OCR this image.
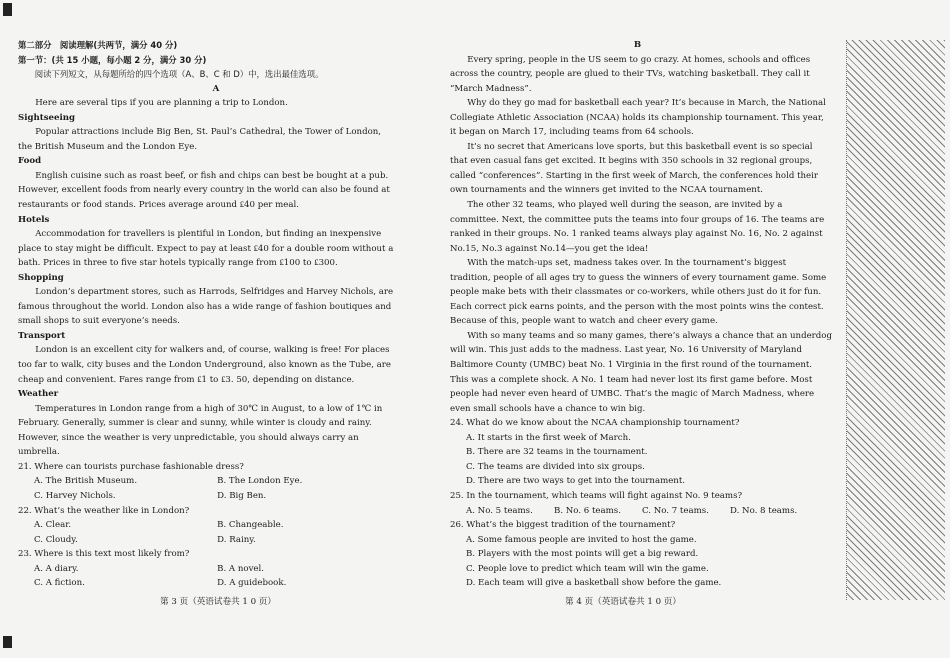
第二部分　阅读理解(共两节，满分 40 分)

第一节：(共 15 小题，每小题 2 分，满分 30 分)

阅读下列短文，从每题所给的四个选项（A、B、C 和 D）中，选出最佳选项。

A

Here are several tips if you are planning a trip to London.

Sightseeing

Popular attractions include Big Ben, St. Paul’s Cathedral, the Tower of London,

the British Museum and the London Eye.

Food

English cuisine such as roast beef, or fish and chips can best be bought at a pub.

However, excellent foods from nearly every country in the world can also be found at

restaurants or food stands. Prices average around ₤40 per meal.

Hotels

Accommodation for travellers is plentiful in London, but finding an inexpensive

place to stay might be difficult. Expect to pay at least ₤40 for a double room without a

bath. Prices in three to five star hotels typically range from ₤100 to ₤300.

Shopping

London’s department stores, such as Harrods, Selfridges and Harvey Nichols, are

famous throughout the world. London also has a wide range of fashion boutiques and

small shops to suit everyone’s needs.

Transport

London is an excellent city for walkers and, of course, walking is free! For places

too far to walk, city buses and the London Underground, also known as the Tube, are

cheap and convenient. Fares range from ₤1 to ₤3. 50, depending on distance.

Weather

Temperatures in London range from a high of 30℃ in August, to a low of 1℃ in

February. Generally, summer is clear and sunny, while winter is cloudy and rainy.

However, since the weather is very unpredictable, you should always carry an

umbrella.

21. Where can tourists purchase fashionable dress?

A. The British Museum.	B. The London Eye.
C. Harvey Nichols.	D. Big Ben.

22. What’s the weather like in London?

A. Clear.	B. Changeable.
C. Cloudy.	D. Rainy.

23. Where is this text most likely from?

A. A diary.	B. A novel.
C. A fiction.	D. A guidebook.

B

Every spring, people in the US seem to go crazy. At homes, schools and offices

across the country, people are glued to their TVs, watching basketball. They call it

“March Madness”.

Why do they go mad for basketball each year? It’s because in March, the National

Collegiate Athletic Association (NCAA) holds its championship tournament. This year,

it began on March 17, including teams from 64 schools.

It’s no secret that Americans love sports, but this basketball event is so special

that even casual fans get excited. It begins with 350 schools in 32 regional groups,

called “conferences”. Starting in the first week of March, the conferences hold their

own tournaments and the winners get invited to the NCAA tournament.

The other 32 teams, who played well during the season, are invited by a

committee. Next, the committee puts the teams into four groups of 16. The teams are

ranked in their groups. No. 1 ranked teams always play against No. 16, No. 2 against

No.15, No.3 against No.14—you get the idea!

With the match-ups set, madness takes over. In the tournament’s biggest

tradition, people of all ages try to guess the winners of every tournament game. Some

people make bets with their classmates or co-workers, while others just do it for fun.

Each correct pick earns points, and the person with the most points wins the contest.

Because of this, people want to watch and cheer every game.

With so many teams and so many games, there’s always a chance that an underdog

will win. This just adds to the madness. Last year, No. 16 University of Maryland

Baltimore County (UMBC) beat No. 1 Virginia in the first round of the tournament.

This was a complete shock. A No. 1 team had never lost its first game before. Most

people had never even heard of UMBC. That’s the magic of March Madness, where

even small schools have a chance to win big.

24. What do we know about the NCAA championship tournament?

A. It starts in the first week of March.

B. There are 32 teams in the tournament.

C. The teams are divided into six groups.

D. There are two ways to get into the tournament.

25. In the tournament, which teams will fight against No. 9 teams?

A. No. 5 teams.	B. No. 6 teams.	C. No. 7 teams.	D. No. 8 teams.

26. What’s the biggest tradition of the tournament?

A. Some famous people are invited to host the game.

B. Players with the most points will get a big reward.

C. People love to predict which team will win the game.

D. Each team will give a basketball show before the game.

第 3 页（英语试卷共 1 0 页）	第 4 页（英语试卷共 1 0 页）
